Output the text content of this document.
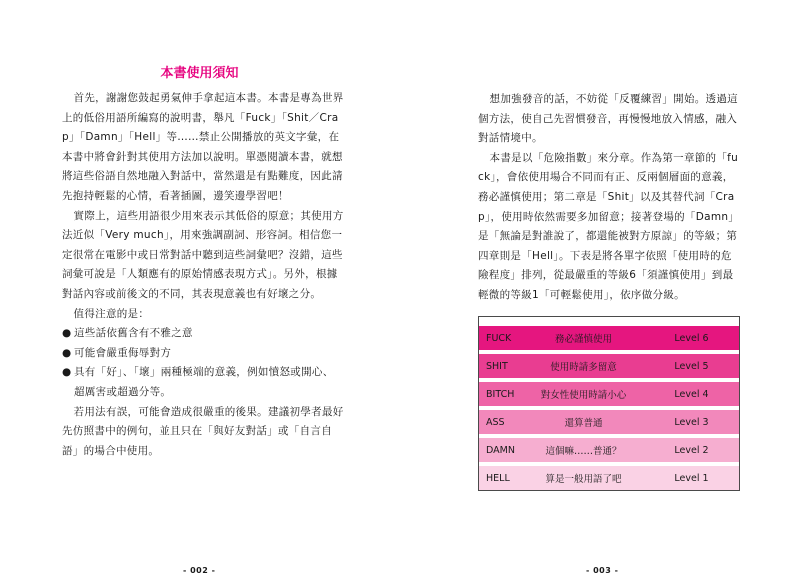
本書使用須知

首先，謝謝您鼓起勇氣伸手拿起這本書。本書是專為世界上的低俗用語所編寫的說明書，舉凡「Fuck」「Shit／Crap」「Damn」「Hell」等……禁止公開播放的英文字彙，在本書中將會針對其使用方法加以說明。單憑閱讀本書，就想將這些俗語自然地融入對話中，當然還是有點難度，因此請先抱持輕鬆的心情，看著插圖，邊笑邊學習吧！

實際上，這些用語很少用來表示其低俗的原意；其使用方法近似「Very much」，用來強調副詞、形容詞。相信您一定很常在電影中或日常對話中聽到這些詞彙吧？沒錯，這些詞彙可說是「人類應有的原始情感表現方式」。另外，根據對話內容或前後文的不同，其表現意義也有好壞之分。

值得注意的是：

● 這些話依舊含有不雅之意
● 可能會嚴重侮辱對方
● 具有「好」、「壞」兩種極端的意義，例如憤怒或開心、超厲害或超過分等。

若用法有誤，可能會造成很嚴重的後果。建議初學者最好先仿照書中的例句，並且只在「與好友對話」或「自言自語」的場合中使用。

- 002 -

想加強發音的話，不妨從「反覆練習」開始。透過這個方法，使自己先習慣發音，再慢慢地放入情感，融入對話情境中。

本書是以「危險指數」來分章。作為第一章節的「fuck」，會依使用場合不同而有正、反兩個層面的意義，務必謹慎使用；第二章是「Shit」以及其替代詞「Crap」，使用時依然需要多加留意；接著登場的「Damn」是「無論是對誰說了，都還能被對方原諒」的等級；第四章則是「Hell」。下表是將各單字依照「使用時的危險程度」排列，從最嚴重的等級6「須謹慎使用」到最輕微的等級1「可輕鬆使用」，依序做分級。

FUCK	務必謹慎使用	Level 6
SHIT	使用時請多留意	Level 5
BITCH	對女性使用時請小心	Level 4
ASS	還算普通	Level 3
DAMN	這個嘛……普通？	Level 2
HELL	算是一般用語了吧	Level 1
- 003 -
